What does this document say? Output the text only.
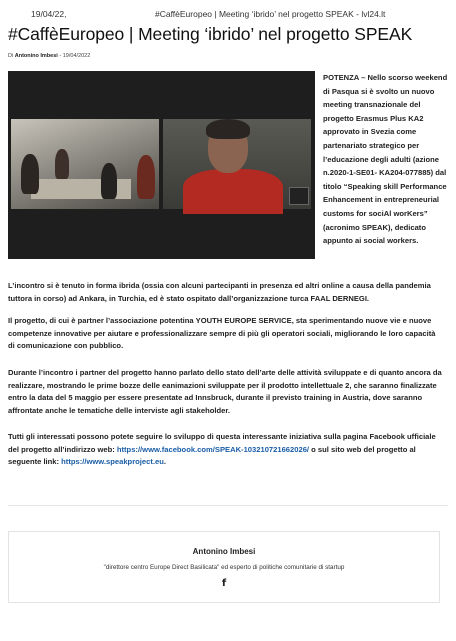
19/04/22,	#CaffèEuropeo | Meeting ‘ibrido’ nel progetto SPEAK - lvl24.lt
#CaffèEuropeo | Meeting ‘ibrido’ nel progetto SPEAK
Di Antonino Imbesi - 19/04/2022

POTENZA – Nello scorso weekend di Pasqua si è svolto un nuovo meeting transnazionale del progetto Erasmus Plus KA2 approvato in Svezia come partenariato strategico per l’educazione degli adulti (azione n.2020-1-SE01- KA204-077885) dal titolo “Speaking skill Performance Enhancement in entrepreneurial customs for sociAl worKers” (acronimo SPEAK), dedicato appunto ai social workers.

L’incontro si è tenuto in forma ibrida (ossia con alcuni partecipanti in presenza ed altri online a causa della pandemia tuttora in corso) ad Ankara, in Turchia, ed è stato ospitato dall’organizzazione turca FAAL DERNEGI.

Il progetto, di cui è partner l’associazione potentina YOUTH EUROPE SERVICE, sta sperimentando nuove vie e nuove competenze innovative per aiutare e professionalizzare sempre di più gli operatori sociali, migliorando le loro capacità di comunicazione con pubblico.

Durante l’incontro i partner del progetto hanno parlato dello stato dell’arte delle attività sviluppate e di quanto ancora da realizzare, mostrando le prime bozze delle eanimazioni sviluppate per il prodotto intellettuale 2, che saranno finalizzate entro la data del 5 maggio per essere presentate ad Innsbruck, durante il previsto training in Austria, dove saranno affrontate anche le tematiche delle interviste agli stakeholder.

Tutti gli interessati possono potete seguire lo sviluppo di questa interessante iniziativa sulla pagina Facebook ufficiale del progetto all’indirizzo web: https://www.facebook.com/SPEAK-103210721662026/ o sul sito web del progetto al seguente link: https://www.speakproject.eu.

Antonino Imbesi
"direttore centro Europe Direct Basilicata" ed esperto di politiche comunitarie di startup
f
